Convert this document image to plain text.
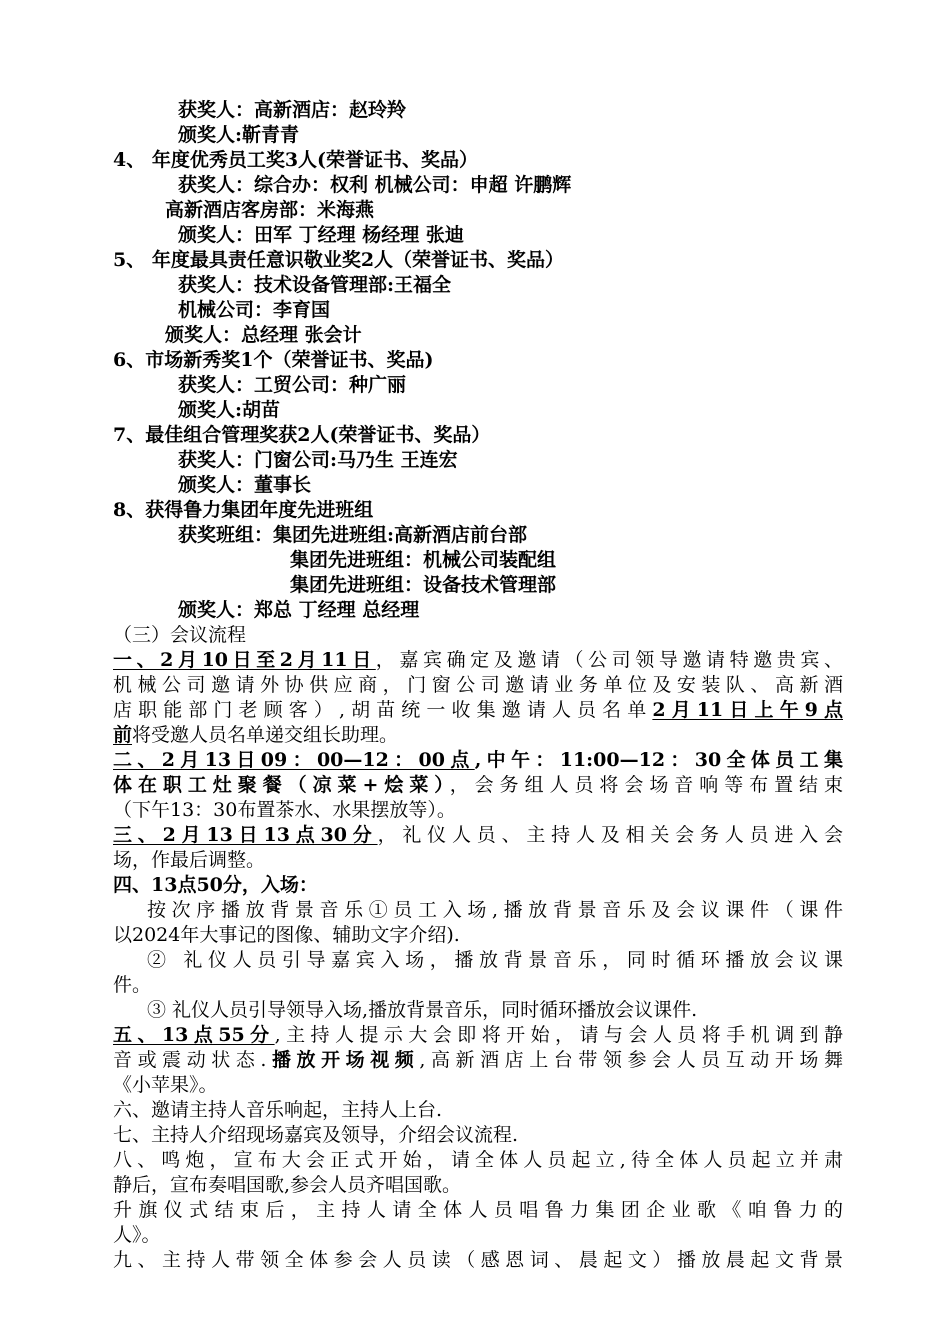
获奖人：高新酒店：赵玲羚
颁奖人:靳青青
4、 年度优秀员工奖3人(荣誉证书、奖品）
获奖人：综合办：权利 机械公司：申超 许鹏辉
高新酒店客房部：米海燕
颁奖人：田军 丁经理 杨经理 张迪
5、 年度最具责任意识敬业奖2人（荣誉证书、奖品）
获奖人：技术设备管理部:王福全
机械公司：李育国
颁奖人：总经理 张会计
6、市场新秀奖1个（荣誉证书、奖品)
获奖人：工贸公司：种广丽
颁奖人:胡苗
7、最佳组合管理奖获2人(荣誉证书、奖品）
获奖人：门窗公司:马乃生 王连宏
颁奖人：董事长
8、获得鲁力集团年度先进班组
获奖班组：集团先进班组:高新酒店前台部
集团先进班组：机械公司装配组
集团先进班组：设备技术管理部
颁奖人：郑总 丁经理 总经理
（三）会议流程
一、2月10日至2月11日，嘉宾确定及邀请（公司领导邀请特邀贵宾、
机械公司邀请外协供应商，门窗公司邀请业务单位及安装队、高新酒
店职能部门老顾客）,胡苗统一收集邀请人员名单2月11日上午9点
前将受邀人员名单递交组长助理。
二、2月13日09：00—12：00点,中午：11:00—12：30全体员工集
体在职工灶聚餐（凉菜+烩菜），会务组人员将会场音响等布置结束
（下午13：30布置茶水、水果摆放等）。
三、2月13日13点30分，礼仪人员、主持人及相关会务人员进入会
场，作最后调整。
四、13点50分，入场：
按次序播放背景音乐①员工入场,播放背景音乐及会议课件（课件
以2024年大事记的图像、辅助文字介绍).
② 礼仪人员引导嘉宾入场，播放背景音乐，同时循环播放会议课
件。
③ 礼仪人员引导领导入场,播放背景音乐，同时循环播放会议课件.
五、13点55分,主持人提示大会即将开始，请与会人员将手机调到静
音或震动状态.播放开场视频,高新酒店上台带领参会人员互动开场舞
《小苹果》。
六、邀请主持人音乐响起，主持人上台.
七、主持人介绍现场嘉宾及领导，介绍会议流程.
八、鸣炮，宣布大会正式开始，请全体人员起立,待全体人员起立并肃
静后，宣布奏唱国歌,参会人员齐唱国歌。
升旗仪式结束后，主持人请全体人员唱鲁力集团企业歌《咱鲁力的
人》。
九、主持人带领全体参会人员读（感恩词、晨起文）播放晨起文背景
